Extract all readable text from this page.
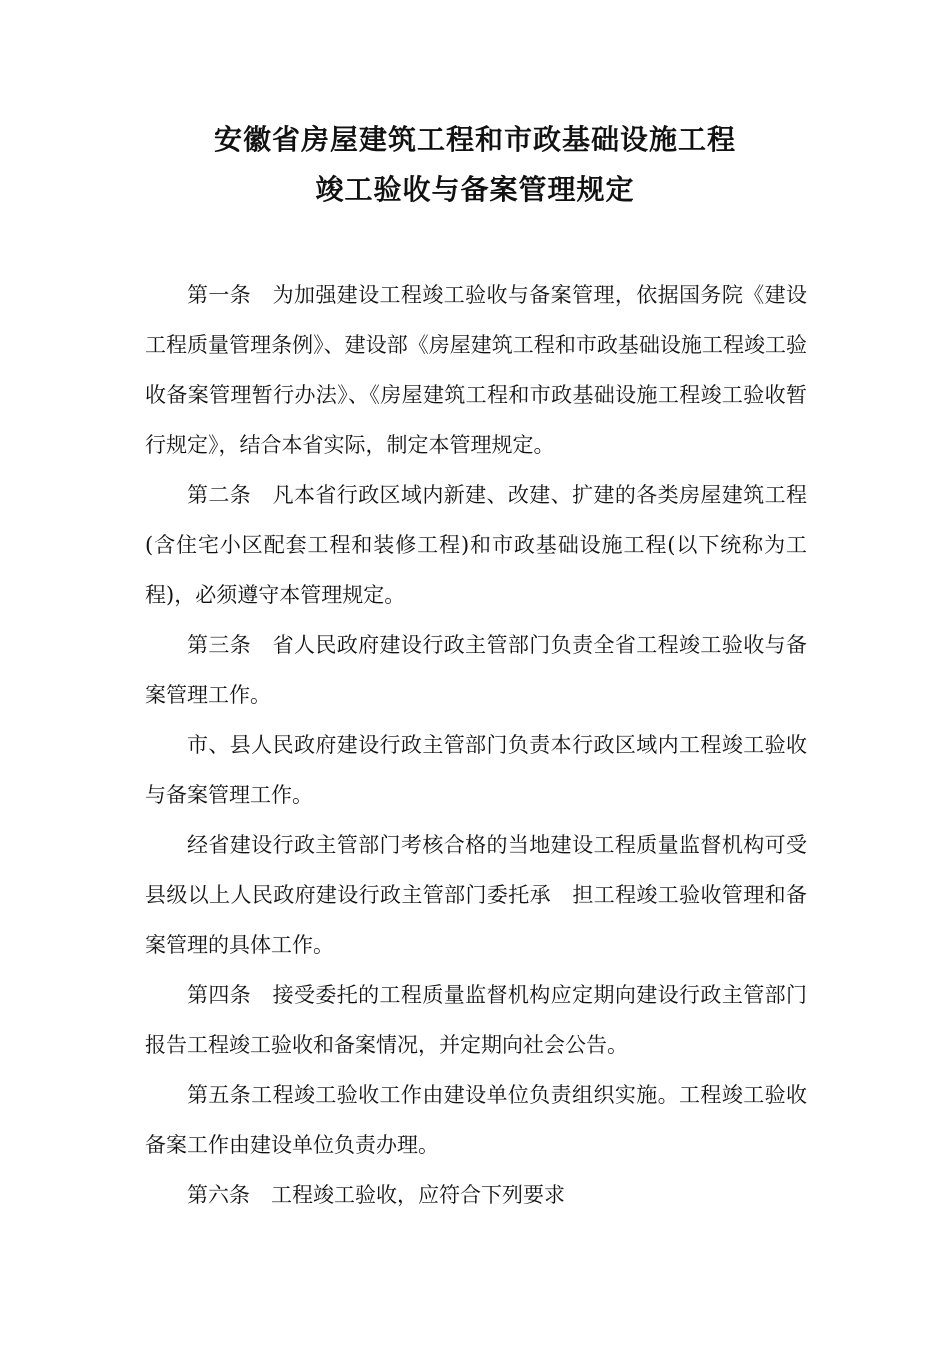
安徽省房屋建筑工程和市政基础设施工程
竣工验收与备案管理规定

第一条　为加强建设工程竣工验收与备案管理，依据国务院《建设工程质量管理条例》、建设部《房屋建筑工程和市政基础设施工程竣工验收备案管理暂行办法》、《房屋建筑工程和市政基础设施工程竣工验收暂行规定》，结合本省实际，制定本管理规定。

第二条　凡本省行政区域内新建、改建、扩建的各类房屋建筑工程(含住宅小区配套工程和装修工程)和市政基础设施工程(以下统称为工程)，必须遵守本管理规定。

第三条　省人民政府建设行政主管部门负责全省工程竣工验收与备案管理工作。

市、县人民政府建设行政主管部门负责本行政区域内工程竣工验收与备案管理工作。

经省建设行政主管部门考核合格的当地建设工程质量监督机构可受县级以上人民政府建设行政主管部门委托承　担工程竣工验收管理和备案管理的具体工作。

第四条　接受委托的工程质量监督机构应定期向建设行政主管部门报告工程竣工验收和备案情况，并定期向社会公告。

第五条工程竣工验收工作由建设单位负责组织实施。工程竣工验收备案工作由建设单位负责办理。

第六条　工程竣工验收，应符合下列要求
